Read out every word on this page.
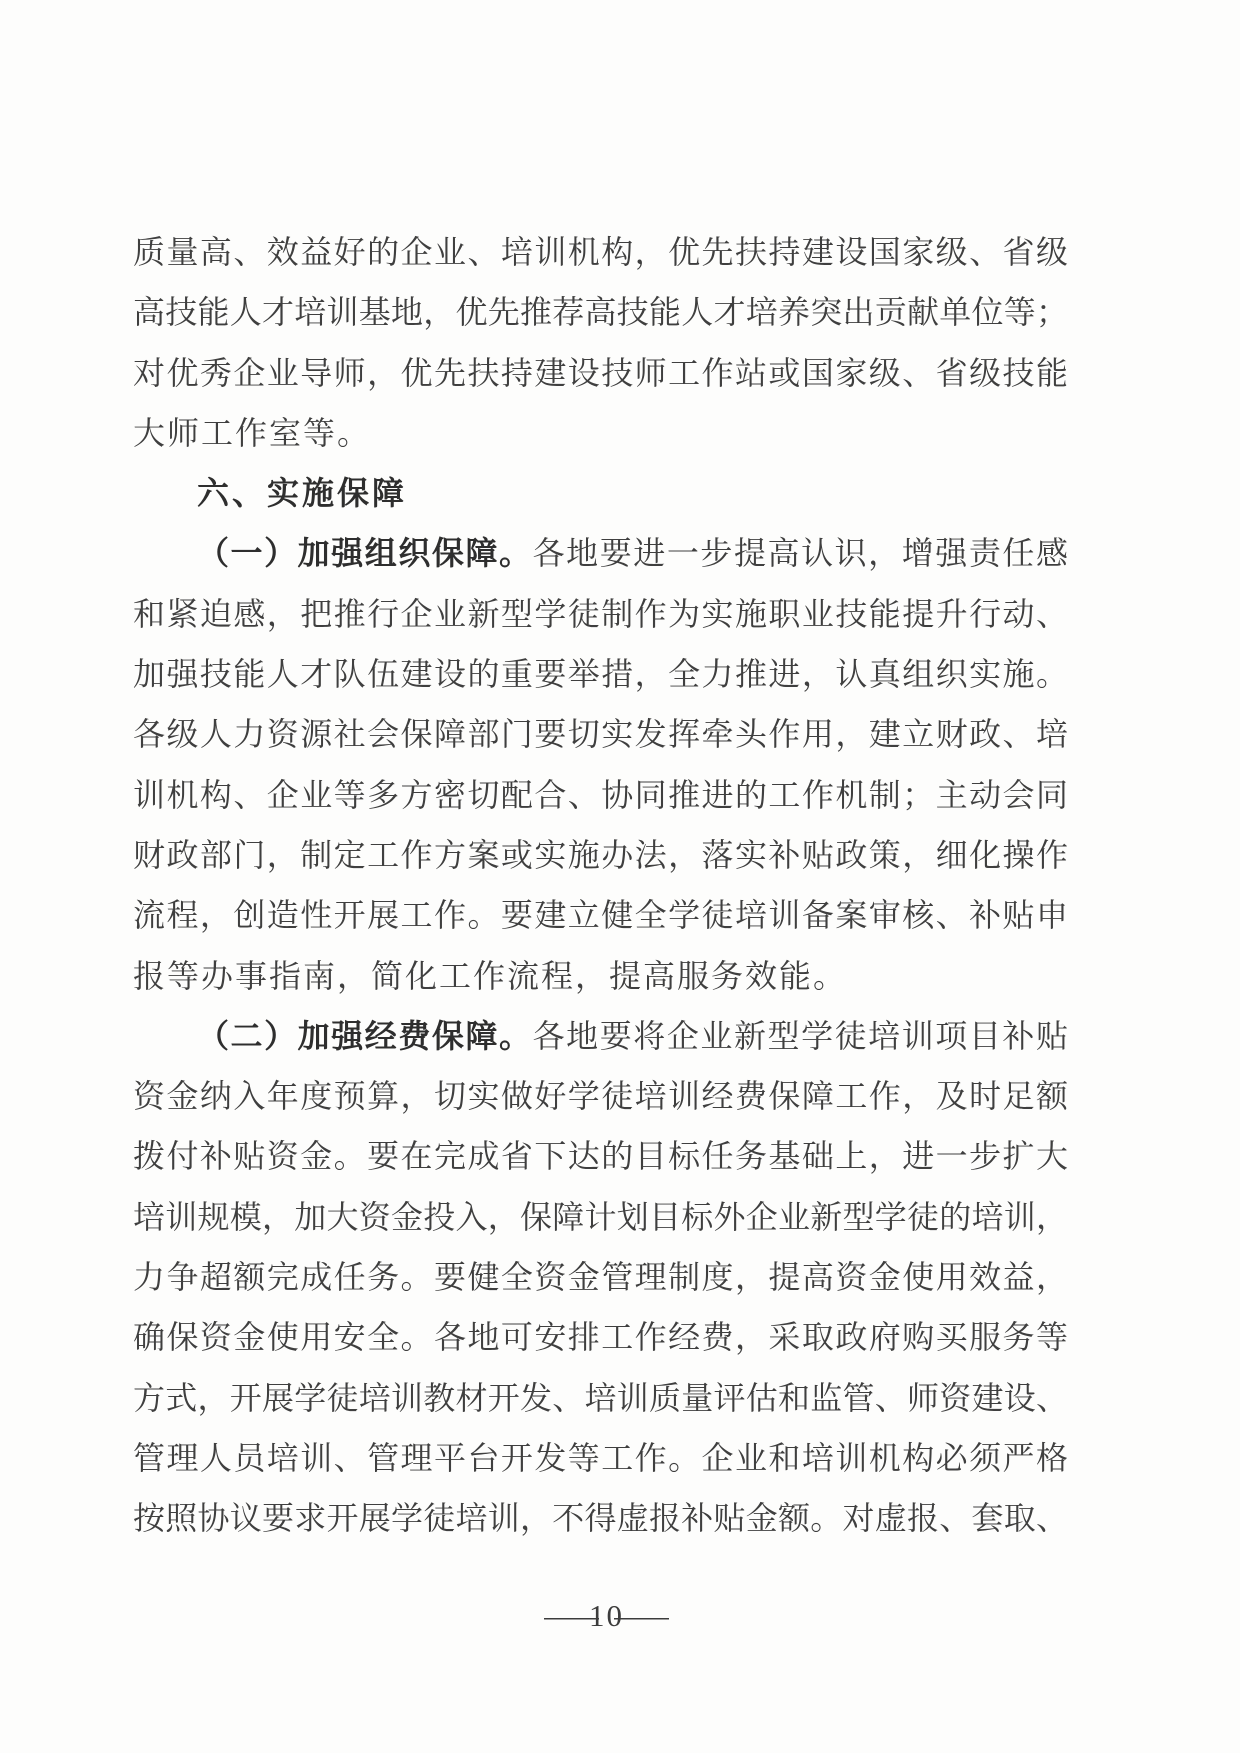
质量高、效益好的企业、培训机构，优先扶持建设国家级、省级
高技能人才培训基地，优先推荐高技能人才培养突出贡献单位等；
对优秀企业导师，优先扶持建设技师工作站或国家级、省级技能
大师工作室等。
六、实施保障
（一）加强组织保障。各地要进一步提高认识，增强责任感
和紧迫感，把推行企业新型学徒制作为实施职业技能提升行动、
加强技能人才队伍建设的重要举措，全力推进，认真组织实施。
各级人力资源社会保障部门要切实发挥牵头作用，建立财政、培
训机构、企业等多方密切配合、协同推进的工作机制；主动会同
财政部门，制定工作方案或实施办法，落实补贴政策，细化操作
流程，创造性开展工作。要建立健全学徒培训备案审核、补贴申
报等办事指南，简化工作流程，提高服务效能。
（二）加强经费保障。各地要将企业新型学徒培训项目补贴
资金纳入年度预算，切实做好学徒培训经费保障工作，及时足额
拨付补贴资金。要在完成省下达的目标任务基础上，进一步扩大
培训规模，加大资金投入，保障计划目标外企业新型学徒的培训，
力争超额完成任务。要健全资金管理制度，提高资金使用效益，
确保资金使用安全。各地可安排工作经费，采取政府购买服务等
方式，开展学徒培训教材开发、培训质量评估和监管、师资建设、
管理人员培训、管理平台开发等工作。企业和培训机构必须严格
按照协议要求开展学徒培训，不得虚报补贴金额。对虚报、套取、
—10—
